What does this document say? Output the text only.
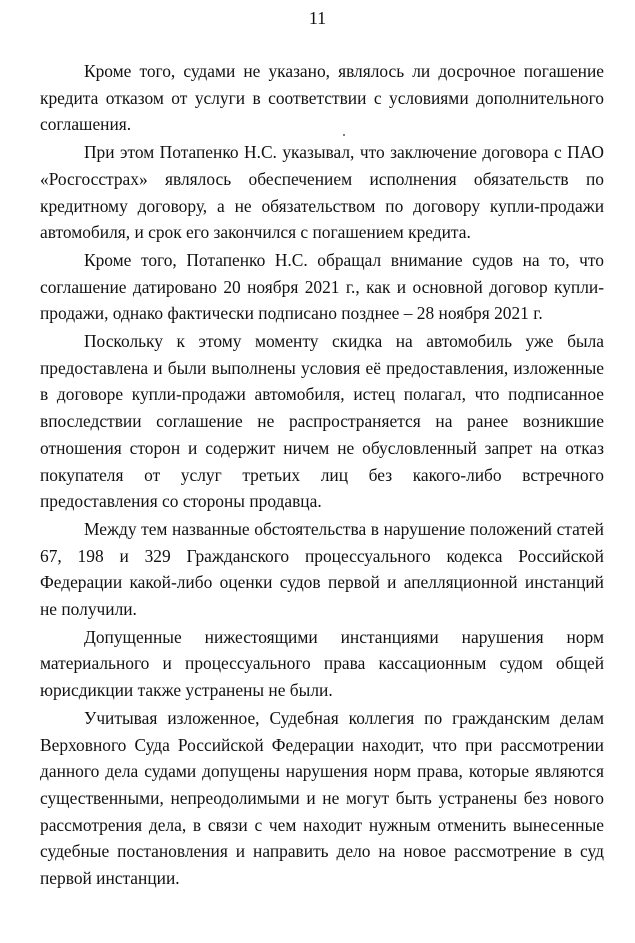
11

Кроме того, судами не указано, являлось ли досрочное погашение кредита отказом от услуги в соответствии с условиями дополнительного соглашения.

При этом Потапенко Н.С. указывал, что заключение договора с ПАО «Росгосстрах» являлось обеспечением исполнения обязательств по кредитному договору, а не обязательством по договору купли-продажи автомобиля, и срок его закончился с погашением кредита.

Кроме того, Потапенко Н.С. обращал внимание судов на то, что соглашение датировано 20 ноября 2021 г., как и основной договор купли-продажи, однако фактически подписано позднее – 28 ноября 2021 г.

Поскольку к этому моменту скидка на автомобиль уже была предоставлена и были выполнены условия её предоставления, изложенные в договоре купли-продажи автомобиля, истец полагал, что подписанное впоследствии соглашение не распространяется на ранее возникшие отношения сторон и содержит ничем не обусловленный запрет на отказ покупателя от услуг третьих лиц без какого-либо встречного предоставления со стороны продавца.

Между тем названные обстоятельства в нарушение положений статей 67, 198 и 329 Гражданского процессуального кодекса Российской Федерации какой-либо оценки судов первой и апелляционной инстанций не получили.

Допущенные нижестоящими инстанциями нарушения норм материального и процессуального права кассационным судом общей юрисдикции также устранены не были.

Учитывая изложенное, Судебная коллегия по гражданским делам Верховного Суда Российской Федерации находит, что при рассмотрении данного дела судами допущены нарушения норм права, которые являются существенными, непреодолимыми и не могут быть устранены без нового рассмотрения дела, в связи с чем находит нужным отменить вынесенные судебные постановления и направить дело на новое рассмотрение в суд первой инстанции.
